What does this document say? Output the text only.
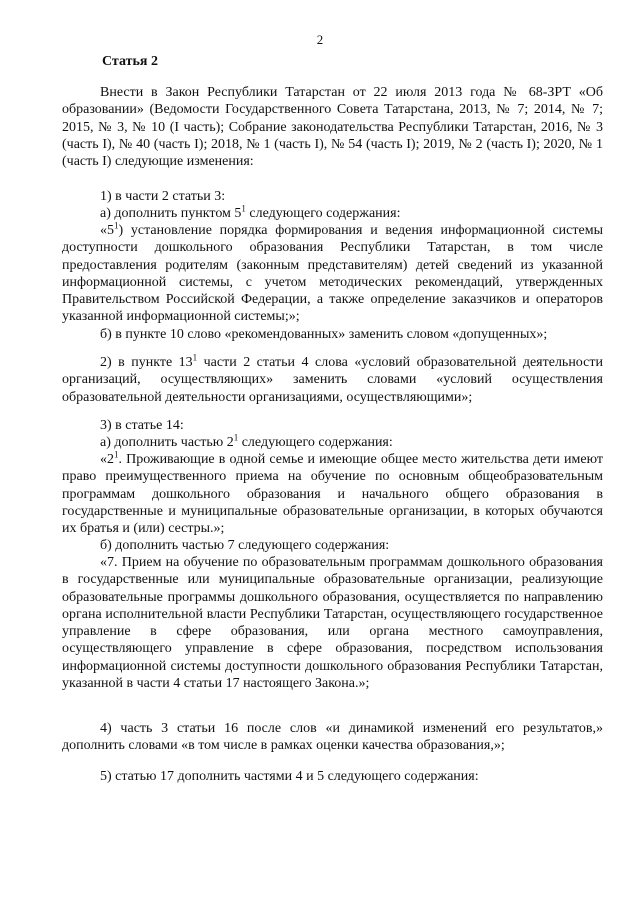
2
Статья 2
Внести в Закон Республики Татарстан от 22 июля 2013 года № 68-ЗРТ «Об образовании» (Ведомости Государственного Совета Татарстана, 2013, № 7; 2014, № 7; 2015, № 3, № 10 (I часть); Собрание законодательства Республики Татарстан, 2016, № 3 (часть I), № 40 (часть I); 2018, № 1 (часть I), № 54 (часть I); 2019, № 2 (часть I); 2020, № 1 (часть I) следующие изменения:
1) в части 2 статьи 3:
а) дополнить пунктом $5^1$ следующего содержания:
«$5^1$) установление порядка формирования и ведения информационной системы доступности дошкольного образования Республики Татарстан, в том числе предоставления родителям (законным представителям) детей сведений из указанной информационной системы, с учетом методических рекомендаций, утвержденных Правительством Российской Федерации, а также определение заказчиков и операторов указанной информационной системы;»;
б) в пункте 10 слово «рекомендованных» заменить словом «допущенных»;
2) в пункте $13^1$ части 2 статьи 4 слова «условий образовательной деятельности организаций, осуществляющих» заменить словами «условий осуществления образовательной деятельности организациями, осуществляющими»;
3) в статье 14:
а) дополнить частью $2^1$ следующего содержания:
«$2^1$. Проживающие в одной семье и имеющие общее место жительства дети имеют право преимущественного приема на обучение по основным общеобразовательным программам дошкольного образования и начального общего образования в государственные и муниципальные образовательные организации, в которых обучаются их братья и (или) сестры.»;
б) дополнить частью 7 следующего содержания:
«7. Прием на обучение по образовательным программам дошкольного образования в государственные или муниципальные образовательные организации, реализующие образовательные программы дошкольного образования, осуществляется по направлению органа исполнительной власти Республики Татарстан, осуществляющего государственное управление в сфере образования, или органа местного самоуправления, осуществляющего управление в сфере образования, посредством использования информационной системы доступности дошкольного образования Республики Татарстан, указанной в части 4 статьи 17 настоящего Закона.»;
4) часть 3 статьи 16 после слов «и динамикой изменений его результатов,» дополнить словами «в том числе в рамках оценки качества образования,»;
5) статью 17 дополнить частями 4 и 5 следующего содержания:
